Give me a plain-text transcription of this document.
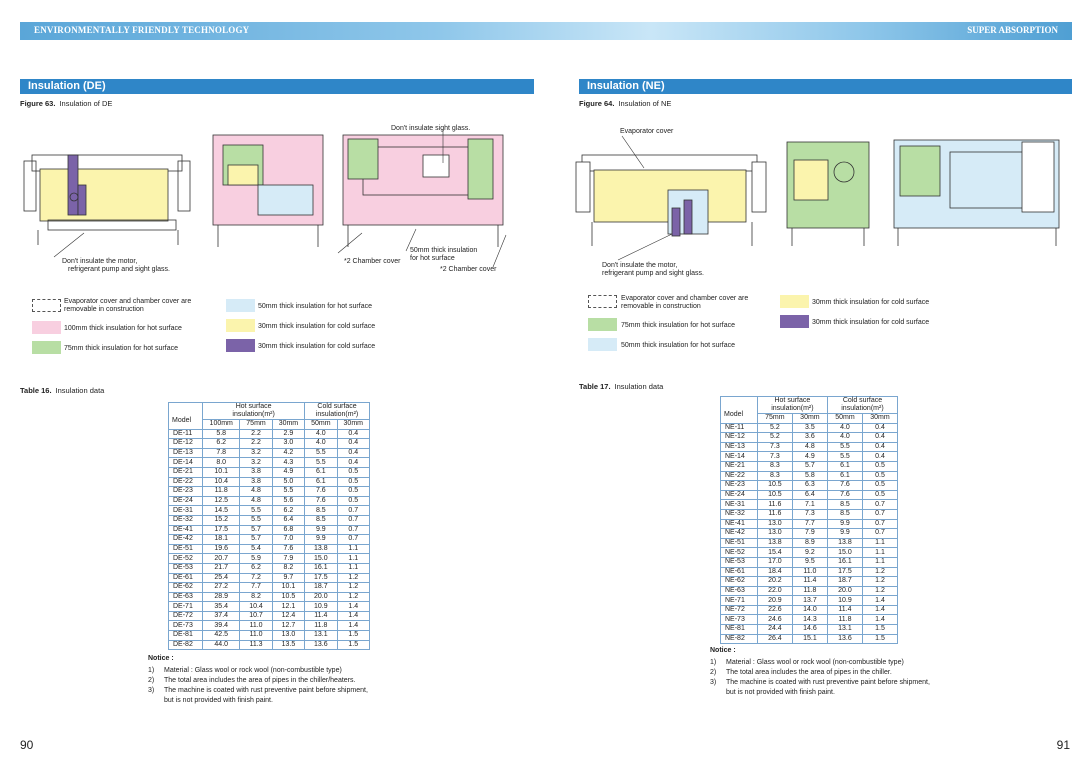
ENVIRONMENTALLY FRIENDLY TECHNOLOGY	SUPER ABSORPTION
Insulation (DE)
Figure 63. Insulation of DE
Don't insulate sight glass.
Don't insulate the motor,
refrigerant pump and sight glass.
*2 Chamber cover
50mm thick insulation
for hot surface
*2 Chamber cover
Evaporator cover and chamber cover are removable in construction
100mm thick insulation for hot surface
75mm thick insulation for hot surface
50mm thick insulation for hot surface
30mm thick insulation for cold surface
30mm thick insulation for cold surface
Table 16. Insulation data
Model	Hot surface
insulation(m²)			Cold surface
insulation(m²)	
	100mm	75mm	30mm	50mm	30mm
DE-11	5.8	2.2	2.9	4.0	0.4
DE-12	6.2	2.2	3.0	4.0	0.4
DE-13	7.8	3.2	4.2	5.5	0.4
DE-14	8.0	3.2	4.3	5.5	0.4
DE-21	10.1	3.8	4.9	6.1	0.5
DE-22	10.4	3.8	5.0	6.1	0.5
DE-23	11.8	4.8	5.5	7.6	0.5
DE-24	12.5	4.8	5.6	7.6	0.5
DE-31	14.5	5.5	6.2	8.5	0.7
DE-32	15.2	5.5	6.4	8.5	0.7
DE-41	17.5	5.7	6.8	9.9	0.7
DE-42	18.1	5.7	7.0	9.9	0.7
DE-51	19.6	5.4	7.6	13.8	1.1
DE-52	20.7	5.9	7.9	15.0	1.1
DE-53	21.7	6.2	8.2	16.1	1.1
DE-61	25.4	7.2	9.7	17.5	1.2
DE-62	27.2	7.7	10.1	18.7	1.2
DE-63	28.9	8.2	10.5	20.0	1.2
DE-71	35.4	10.4	12.1	10.9	1.4
DE-72	37.4	10.7	12.4	11.4	1.4
DE-73	39.4	11.0	12.7	11.8	1.4
DE-81	42.5	11.0	13.0	13.1	1.5
DE-82	44.0	11.3	13.5	13.6	1.5
Notice :
1)	Material : Glass wool or rock wool (non-combustible type)
2)	The total area includes the area of pipes in the chiller/heaters.
3)	The machine is coated with rust preventive paint before shipment,
but is not provided with finish paint.
90
Insulation (NE)
Figure 64. Insulation of NE
Evaporator cover
Don't insulate the motor,
refrigerant pump and sight glass.
Evaporator cover and chamber cover are removable in construction
75mm thick insulation for hot surface
50mm thick insulation for hot surface
30mm thick insulation for cold surface
30mm thick insulation for cold surface
Table 17. Insulation data
Model	Hot surface
insulation(m²)		Cold surface
insulation(m²)	
	75mm	30mm	50mm	30mm
NE-11	5.2	3.5	4.0	0.4
NE-12	5.2	3.6	4.0	0.4
NE-13	7.3	4.8	5.5	0.4
NE-14	7.3	4.9	5.5	0.4
NE-21	8.3	5.7	6.1	0.5
NE-22	8.3	5.8	6.1	0.5
NE-23	10.5	6.3	7.6	0.5
NE-24	10.5	6.4	7.6	0.5
NE-31	11.6	7.1	8.5	0.7
NE-32	11.6	7.3	8.5	0.7
NE-41	13.0	7.7	9.9	0.7
NE-42	13.0	7.9	9.9	0.7
NE-51	13.8	8.9	13.8	1.1
NE-52	15.4	9.2	15.0	1.1
NE-53	17.0	9.5	16.1	1.1
NE-61	18.4	11.0	17.5	1.2
NE-62	20.2	11.4	18.7	1.2
NE-63	22.0	11.8	20.0	1.2
NE-71	20.9	13.7	10.9	1.4
NE-72	22.6	14.0	11.4	1.4
NE-73	24.6	14.3	11.8	1.4
NE-81	24.4	14.6	13.1	1.5
NE-82	26.4	15.1	13.6	1.5
Notice :
1)	Material : Glass wool or rock wool (non-combustible type)
2)	The total area includes the area of pipes in the chiller.
3)	The machine is coated with rust preventive paint before shipment,
but is not provided with finish paint.
91
